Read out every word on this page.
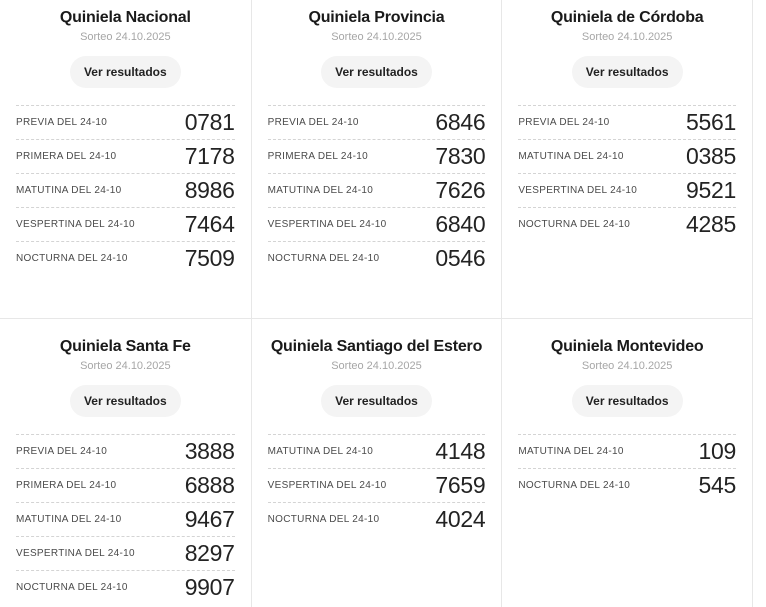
Quiniela Nacional
Sorteo 24.10.2025
Ver resultados
PREVIA DEL 24-10	0781
PRIMERA DEL 24-10	7178
MATUTINA DEL 24-10	8986
VESPERTINA DEL 24-10 7464
NOCTURNA DEL 24-10 7509
Quiniela Provincia
Sorteo 24.10.2025
Ver resultados
PREVIA DEL 24-10	6846
PRIMERA DEL 24-10	7830
MATUTINA DEL 24-10	7626
VESPERTINA DEL 24-10 6840
NOCTURNA DEL 24-10 0546
Quiniela de Córdoba
Sorteo 24.10.2025
Ver resultados
PREVIA DEL 24-10	5561
MATUTINA DEL 24-10	0385
VESPERTINA DEL 24-10 9521
NOCTURNA DEL 24-10 4285
Quiniela Santa Fe
Sorteo 24.10.2025
Ver resultados
PREVIA DEL 24-10	3888
PRIMERA DEL 24-10	6888
MATUTINA DEL 24-10	9467
VESPERTINA DEL 24-10 8297
NOCTURNA DEL 24-10 9907
Quiniela Santiago del Estero
Sorteo 24.10.2025
Ver resultados
MATUTINA DEL 24-10	4148
VESPERTINA DEL 24-10 7659
NOCTURNA DEL 24-10 4024
Quiniela Montevideo
Sorteo 24.10.2025
Ver resultados
MATUTINA DEL 24-10	109
NOCTURNA DEL 24-10	545
